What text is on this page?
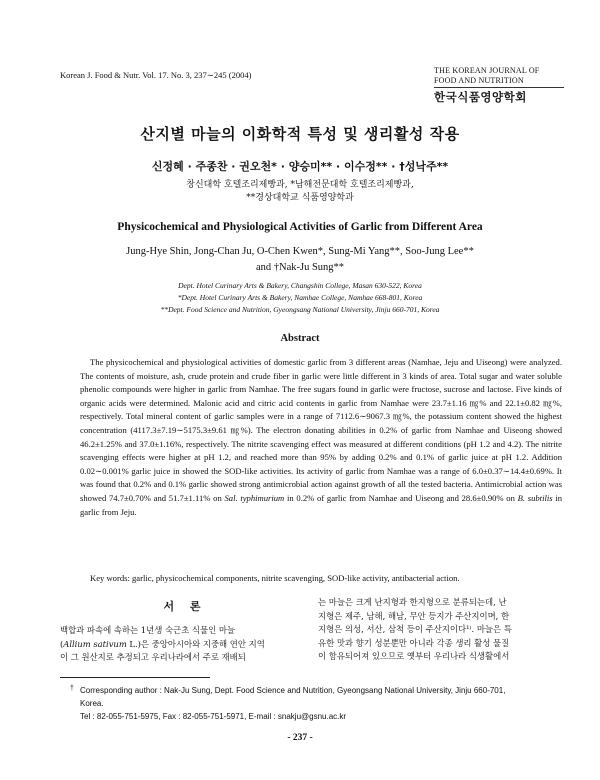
Korean J. Food & Nutr. Vol. 17. No. 3, 237∼245 (2004)	THE KOREAN JOURNAL OF
FOOD AND NUTRITION
한국식품영양학회
산지별 마늘의 이화학적 특성 및 생리활성 작용
신정혜 · 주종찬 · 권오천* · 양승미** · 이수정** · †성낙주**
창신대학 호텔조리제빵과, *남해전문대학 호텔조리제빵과,
**경상대학교 식품영양학과
Physicochemical and Physiological Activities of Garlic from Different Area
Jung-Hye Shin, Jong-Chan Ju, O-Chen Kwen*, Sung-Mi Yang**, Soo-Jung Lee**
and †Nak-Ju Sung**
Dept. Hotel Curinary Arts & Bakery, Changshin College, Masan 630-522, Korea
*Dept. Hotel Curinary Arts & Bakery, Namhae College, Namhae 668-801, Korea
**Dept. Food Science and Nutrition, Gyeongsang National University, Jinju 660-701, Korea
Abstract
The physicochemical and physiological activities of domestic garlic from 3 different areas (Namhae, Jeju and Uiseong) were analyzed. The contents of moisture, ash, crude protein and crude fiber in garlic were little different in 3 kinds of area. Total sugar and water soluble phenolic compounds were higher in garlic from Namhae. The free sugars found in garlic were fructose, sucrose and lactose. Five kinds of organic acids were determined. Malonic acid and citric acid contents in garlic from Namhae were 23.7±1.16 ㎎% and 22.1±0.82 ㎎%, respectively. Total mineral content of garlic samples were in a range of 7112.6∼9067.3 ㎎%, the potassium content showed the highest concentration (4117.3±7.19∼5175.3±9.61 ㎎%). The electron donating abilities in 0.2% of garlic from Namhae and Uiseong showed 46.2±1.25% and 37.0±1.16%, respectively. The nitrite scavenging effect was measured at different conditions (pH 1.2 and 4.2). The nitrite scavenging effects were higher at pH 1.2, and reached more than 95% by adding 0.2% and 0.1% of garlic juice at pH 1.2. Addition 0.02∼0.001% garlic juice in showed the SOD-like activities. Its activity of garlic from Namhae was a range of 6.0±0.37∼14.4±0.69%. It was found that 0.2% and 0.1% garlic showed strong antimicrobial action against growth of all the tested bacteria. Antimicrobial action was showed 74.7±0.70% and 51.7±1.11% on Sal. typhimurium in 0.2% of garlic from Namhae and Uiseong and 28.6±0.90% on B. subtilis in garlic from Jeju.
Key words: garlic, physicochemical components, nitrite scavenging, SOD-like activity, antibacterial action.
서 론
백합과 파속에 속하는 1년생 숙근초 식물인 마늘
(Allium sativum L.)은 중앙아시아와 지중해 연안 지역
이 그 원산지로 추정되고 우리나라에서 주로 재배되
는 마늘은 크게 난지형과 한지형으로 분류되는데, 난
지형은 제주, 남해, 해남, 무안 등지가 주산지이며, 한
지형은 의성, 서산, 삼척 등이 주산지이다¹⁾. 마늘은 특
유한 맛과 향기 성분뿐만 아니라 각종 생리 활성 물질
이 함유되어져 있으므로 옛부터 우리나라 식생활에서
† Corresponding author : Nak-Ju Sung, Dept. Food Science and Nutrition, Gyeongsang National University, Jinju 660-701,
Korea.
Tel : 82-055-751-5975, Fax : 82-055-751-5971, E-mail : snakju@gsnu.ac.kr
- 237 -
